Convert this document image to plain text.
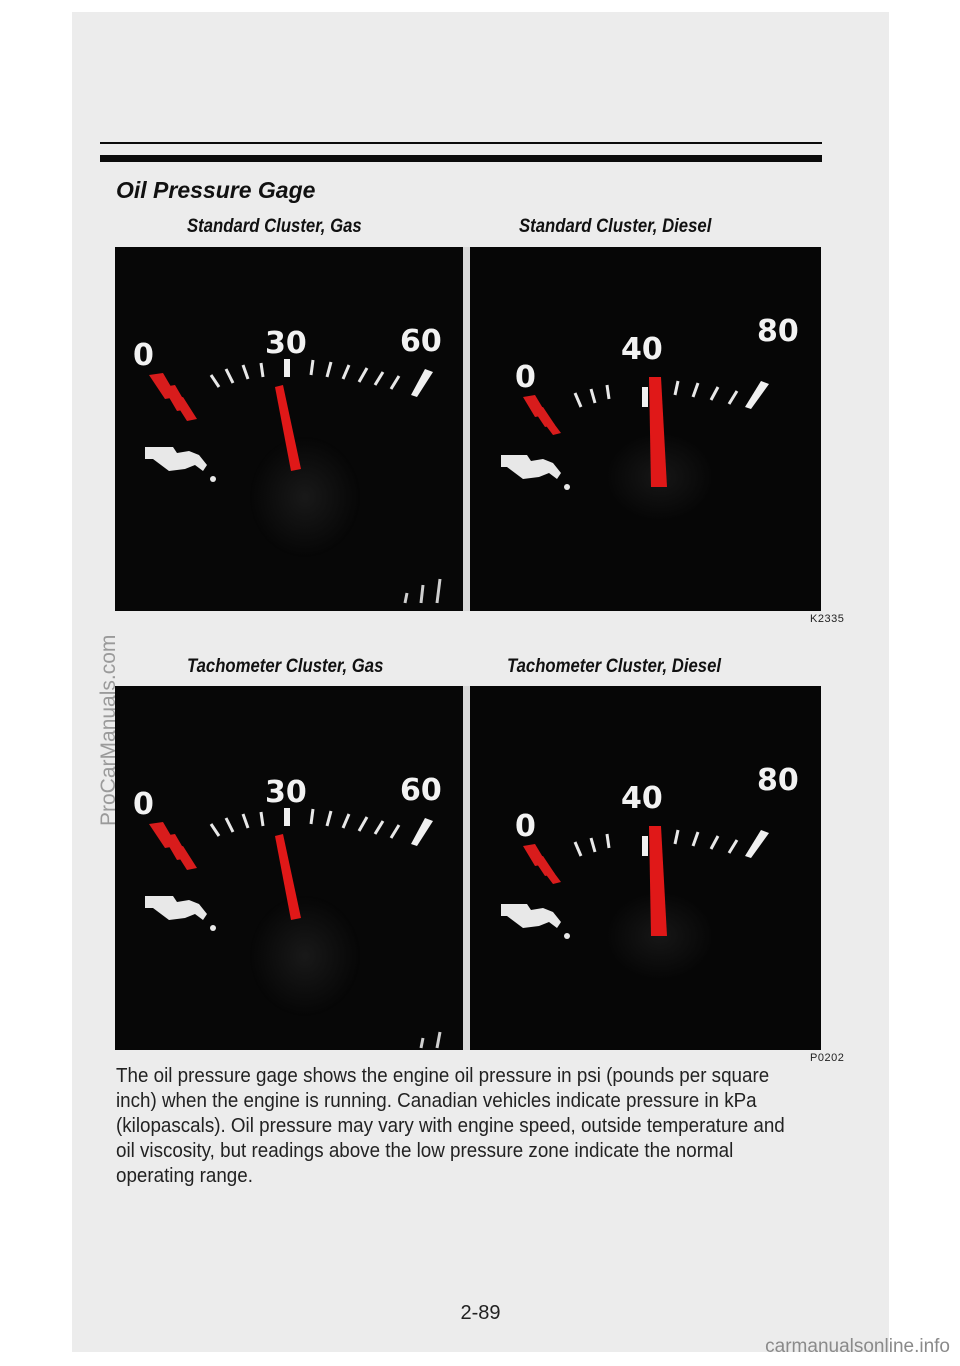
Oil Pressure Gage
Standard Cluster, Gas	Standard Cluster, Diesel
0	30	60
0
40
80
K2335
Tachometer Cluster, Gas	Tachometer Cluster, Diesel
0	30	60
0
40
80
P0202

The oil pressure gage shows the engine oil pressure in psi (pounds per square inch) when the engine is running. Canadian vehicles indicate pressure in kPa (kilopascals). Oil pressure may vary with engine speed, outside temperature and oil viscosity, but readings above the low pressure zone indicate the normal operating range.

2-89
ProCarManuals.com
carmanualsonline.info
